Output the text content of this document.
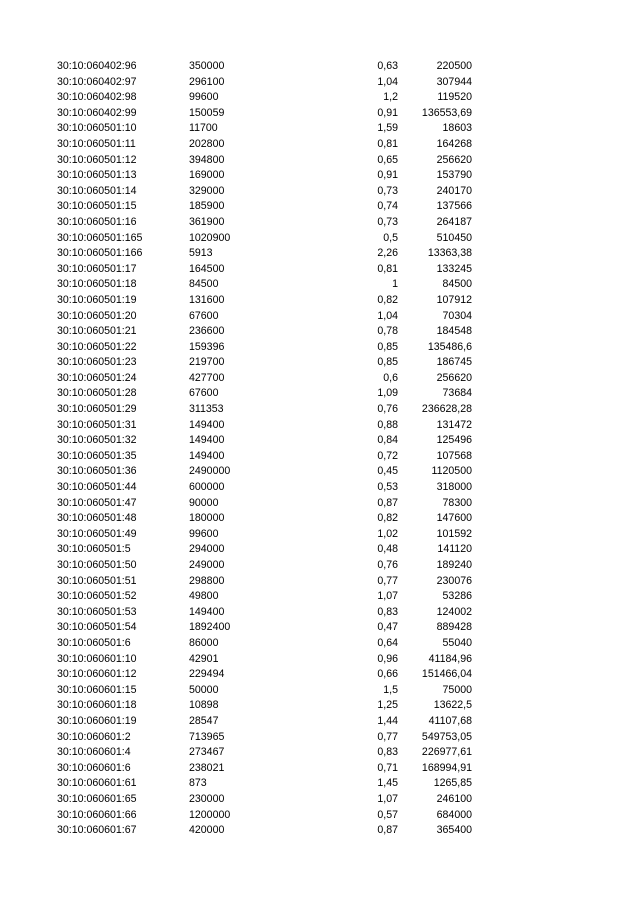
30:10:060402:96	350000	0,63	220500
30:10:060402:97	296100	1,04	307944
30:10:060402:98	99600	1,2	119520
30:10:060402:99	150059	0,91	136553,69
30:10:060501:10	11700	1,59	18603
30:10:060501:11	202800	0,81	164268
30:10:060501:12	394800	0,65	256620
30:10:060501:13	169000	0,91	153790
30:10:060501:14	329000	0,73	240170
30:10:060501:15	185900	0,74	137566
30:10:060501:16	361900	0,73	264187
30:10:060501:165	1020900	0,5	510450
30:10:060501:166	5913	2,26	13363,38
30:10:060501:17	164500	0,81	133245
30:10:060501:18	84500	1	84500
30:10:060501:19	131600	0,82	107912
30:10:060501:20	67600	1,04	70304
30:10:060501:21	236600	0,78	184548
30:10:060501:22	159396	0,85	135486,6
30:10:060501:23	219700	0,85	186745
30:10:060501:24	427700	0,6	256620
30:10:060501:28	67600	1,09	73684
30:10:060501:29	311353	0,76	236628,28
30:10:060501:31	149400	0,88	131472
30:10:060501:32	149400	0,84	125496
30:10:060501:35	149400	0,72	107568
30:10:060501:36	2490000	0,45	1120500
30:10:060501:44	600000	0,53	318000
30:10:060501:47	90000	0,87	78300
30:10:060501:48	180000	0,82	147600
30:10:060501:49	99600	1,02	101592
30:10:060501:5	294000	0,48	141120
30:10:060501:50	249000	0,76	189240
30:10:060501:51	298800	0,77	230076
30:10:060501:52	49800	1,07	53286
30:10:060501:53	149400	0,83	124002
30:10:060501:54	1892400	0,47	889428
30:10:060501:6	86000	0,64	55040
30:10:060601:10	42901	0,96	41184,96
30:10:060601:12	229494	0,66	151466,04
30:10:060601:15	50000	1,5	75000
30:10:060601:18	10898	1,25	13622,5
30:10:060601:19	28547	1,44	41107,68
30:10:060601:2	713965	0,77	549753,05
30:10:060601:4	273467	0,83	226977,61
30:10:060601:6	238021	0,71	168994,91
30:10:060601:61	873	1,45	1265,85
30:10:060601:65	230000	1,07	246100
30:10:060601:66	1200000	0,57	684000
30:10:060601:67	420000	0,87	365400
